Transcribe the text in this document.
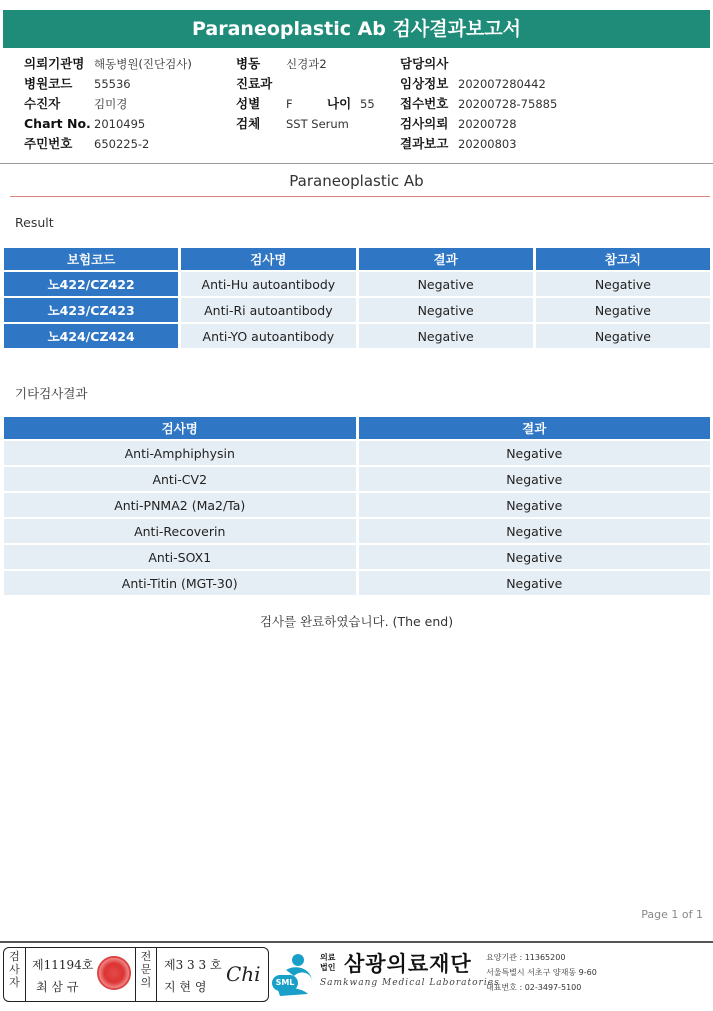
Paraneoplastic Ab 검사결과보고서
의뢰기관명 해동병원(진단검사)	병동 신경과2	담당의사
병원코드 55536	진료과	임상정보 202007280442
수진자	김미경	성별 F	나이 55 접수번호 20200728-75885
Chart No. 2010495	검체 SST Serum	검사의뢰 20200728
주민번호 650225-2	결과보고 20200803
Paraneoplastic Ab
Result
보험코드	검사명	결과	참고치
노422/CZ422	Anti-Hu autoantibody	Negative	Negative
노423/CZ423	Anti-Ri autoantibody	Negative	Negative
노424/CZ424	Anti-YO autoantibody	Negative	Negative
기타검사결과
검사명	결과
Anti-Amphiphysin	Negative
Anti-CV2	Negative
Anti-PNMA2 (Ma2/Ta)	Negative
Anti-Recoverin	Negative
Anti-SOX1	Negative
Anti-Titin (MGT-30)	Negative
검사를 완료하였습니다. (The end)
Page 1 of 1
검사자
제11194호
최 삼 규
전문의
제3 3 3 호
지 현 영
Chi	SML
의료
법인 삼광의료재단
Samkwang Medical Laboratories
요양기관 : 11365200
서울특별시 서초구 양재동 9-60
대표번호 : 02-3497-5100
